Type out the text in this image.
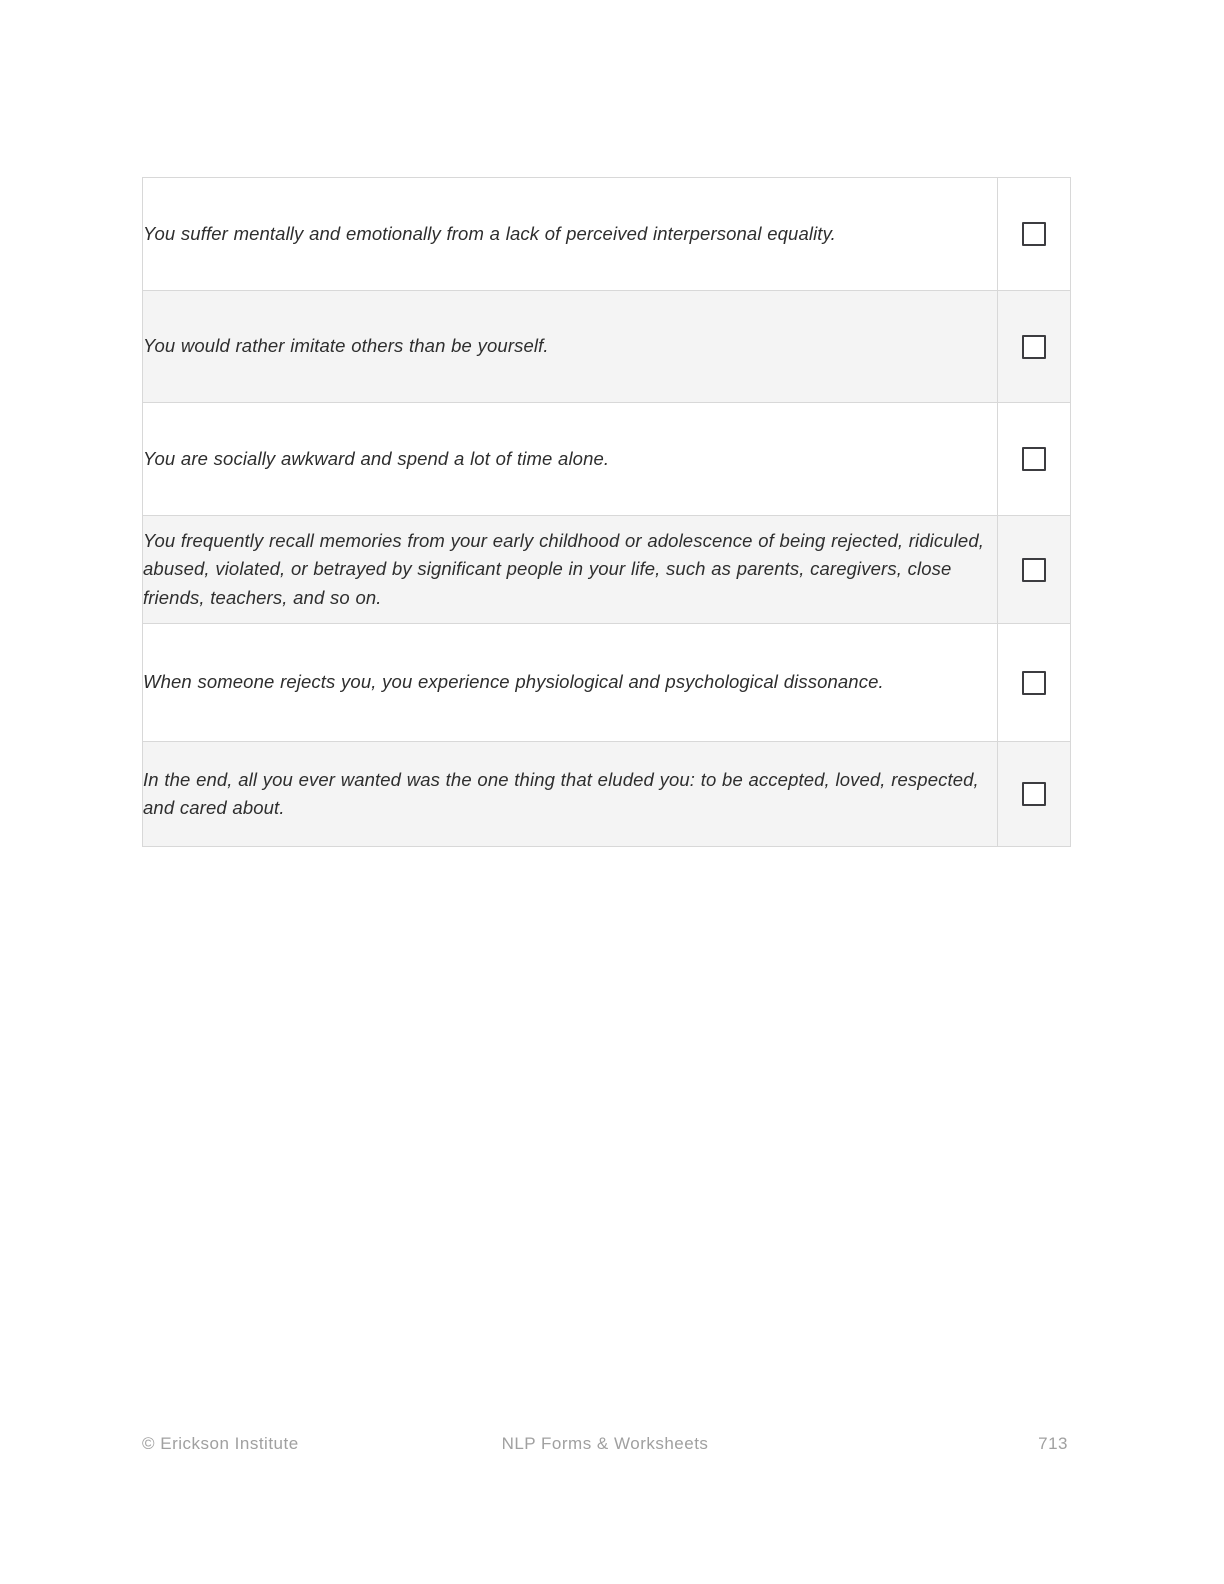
You suffer mentally and emotionally from a lack of perceived interpersonal equality.	

You would rather imitate others than be yourself.	

You are socially awkward and spend a lot of time alone.	

You frequently recall memories from your early childhood or adolescence of being rejected, ridiculed, abused, violated, or betrayed by significant people in your life, such as parents, caregivers, close friends, teachers, and so on.	

When someone rejects you, you experience physiological and psychological dissonance.	

In the end, all you ever wanted was the one thing that eluded you: to be accepted, loved, respected, and cared about.	

© Erickson Institute	NLP Forms & Worksheets	713
